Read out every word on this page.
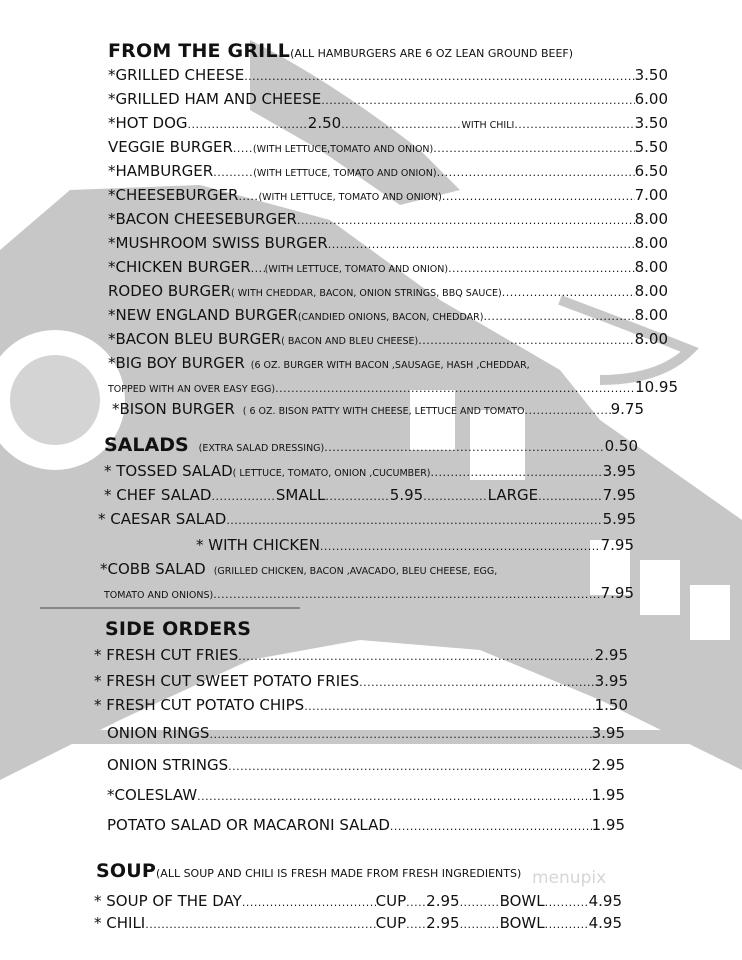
FROM THE GRILL(ALL HAMBURGERS ARE 6 OZ LEAN GROUND BEEF)
*GRILLED CHEESE .....	3.50
*GRILLED HAM AND CHEESE .....	6.00
*HOT DOG .....	2.50 .....	WITH CHILI .....	3.50
VEGGIE BURGER ..... (WITH LETTUCE,TOMATO AND ONION) .....	5.50
*HAMBURGER .....	(WITH LETTUCE, TOMATO AND ONION) .....	6.50
*CHEESEBURGER ..... (WITH LETTUCE, TOMATO AND ONION) .....	7.00
*BACON CHEESEBURGER .....	8.00
*MUSHROOM SWISS BURGER .....	8.00
*CHICKEN BURGER ..... (WITH LETTUCE, TOMATO AND ONION) .....	8.00
RODEO BURGER ( WITH CHEDDAR, BACON, ONION STRINGS, BBQ SAUCE) .....	8.00
*NEW ENGLAND BURGER (CANDIED ONIONS, BACON, CHEDDAR) .....	8.00
*BACON BLEU BURGER ( BACON AND BLEU CHEESE) .....	8.00
*BIG BOY BURGER (6 OZ. BURGER WITH BACON ,SAUSAGE, HASH ,CHEDDAR,
TOPPED WITH AN OVER EASY EGG) .....	10.95
*BISON BURGER ( 6 OZ. BISON PATTY WITH CHEESE, LETTUCE AND TOMATO .....	9.75
SALADS (EXTRA SALAD DRESSING) .....	0.50
* TOSSED SALAD ( LETTUCE, TOMATO, ONION ,CUCUMBER) .....	3.95
* CHEF SALAD .....	SMALL .....	5.95 .....	LARGE .....	7.95
* CAESAR SALAD .....	5.95
* WITH CHICKEN .....	7.95
*COBB SALAD (GRILLED CHICKEN, BACON ,AVACADO, BLEU CHEESE, EGG,
TOMATO AND ONIONS) .....	7.95
SIDE ORDERS
* FRESH CUT FRIES .....	2.95
* FRESH CUT SWEET POTATO FRIES .....	3.95
* FRESH CUT POTATO CHIPS .....	1.50
ONION RINGS .....	3.95
ONION STRINGS .....	2.95
*COLESLAW .....	1.95
POTATO SALAD OR MACARONI SALAD .....	1.95
SOUP(ALL SOUP AND CHILI IS FRESH MADE FROM FRESH INGREDIENTS)
* SOUP OF THE DAY .....	CUP ..... 2.95 .....	BOWL .....	4.95
* CHILI .....	CUP ..... 2.95 .....	BOWL .....	4.95
menupix
